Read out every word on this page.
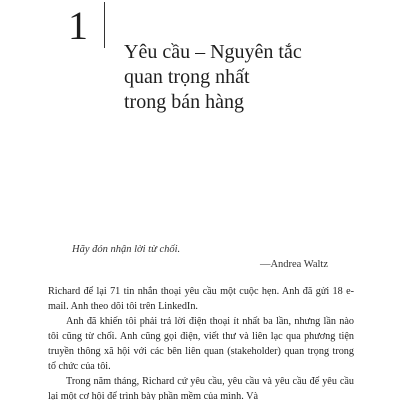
1
Yêu cầu – Nguyên tắc
quan trọng nhất
trong bán hàng
Hãy đón nhận lời từ chối.
—Andrea Waltz

Richard để lại 71 tin nhắn thoại yêu cầu một cuộc hẹn. Anh đã gửi 18 e-mail. Anh theo dõi tôi trên LinkedIn.

Anh đã khiến tôi phải trả lời điện thoại ít nhất ba lần, nhưng lần nào tôi cũng từ chối. Anh cũng gọi điện, viết thư và liên lạc qua phương tiện truyền thông xã hội với các bên liên quan (stakeholder) quan trọng trong tổ chức của tôi.

Trong năm tháng, Richard cứ yêu cầu, yêu cầu và yêu cầu để yêu cầu lại một cơ hội để trình bày phần mềm của mình. Và
